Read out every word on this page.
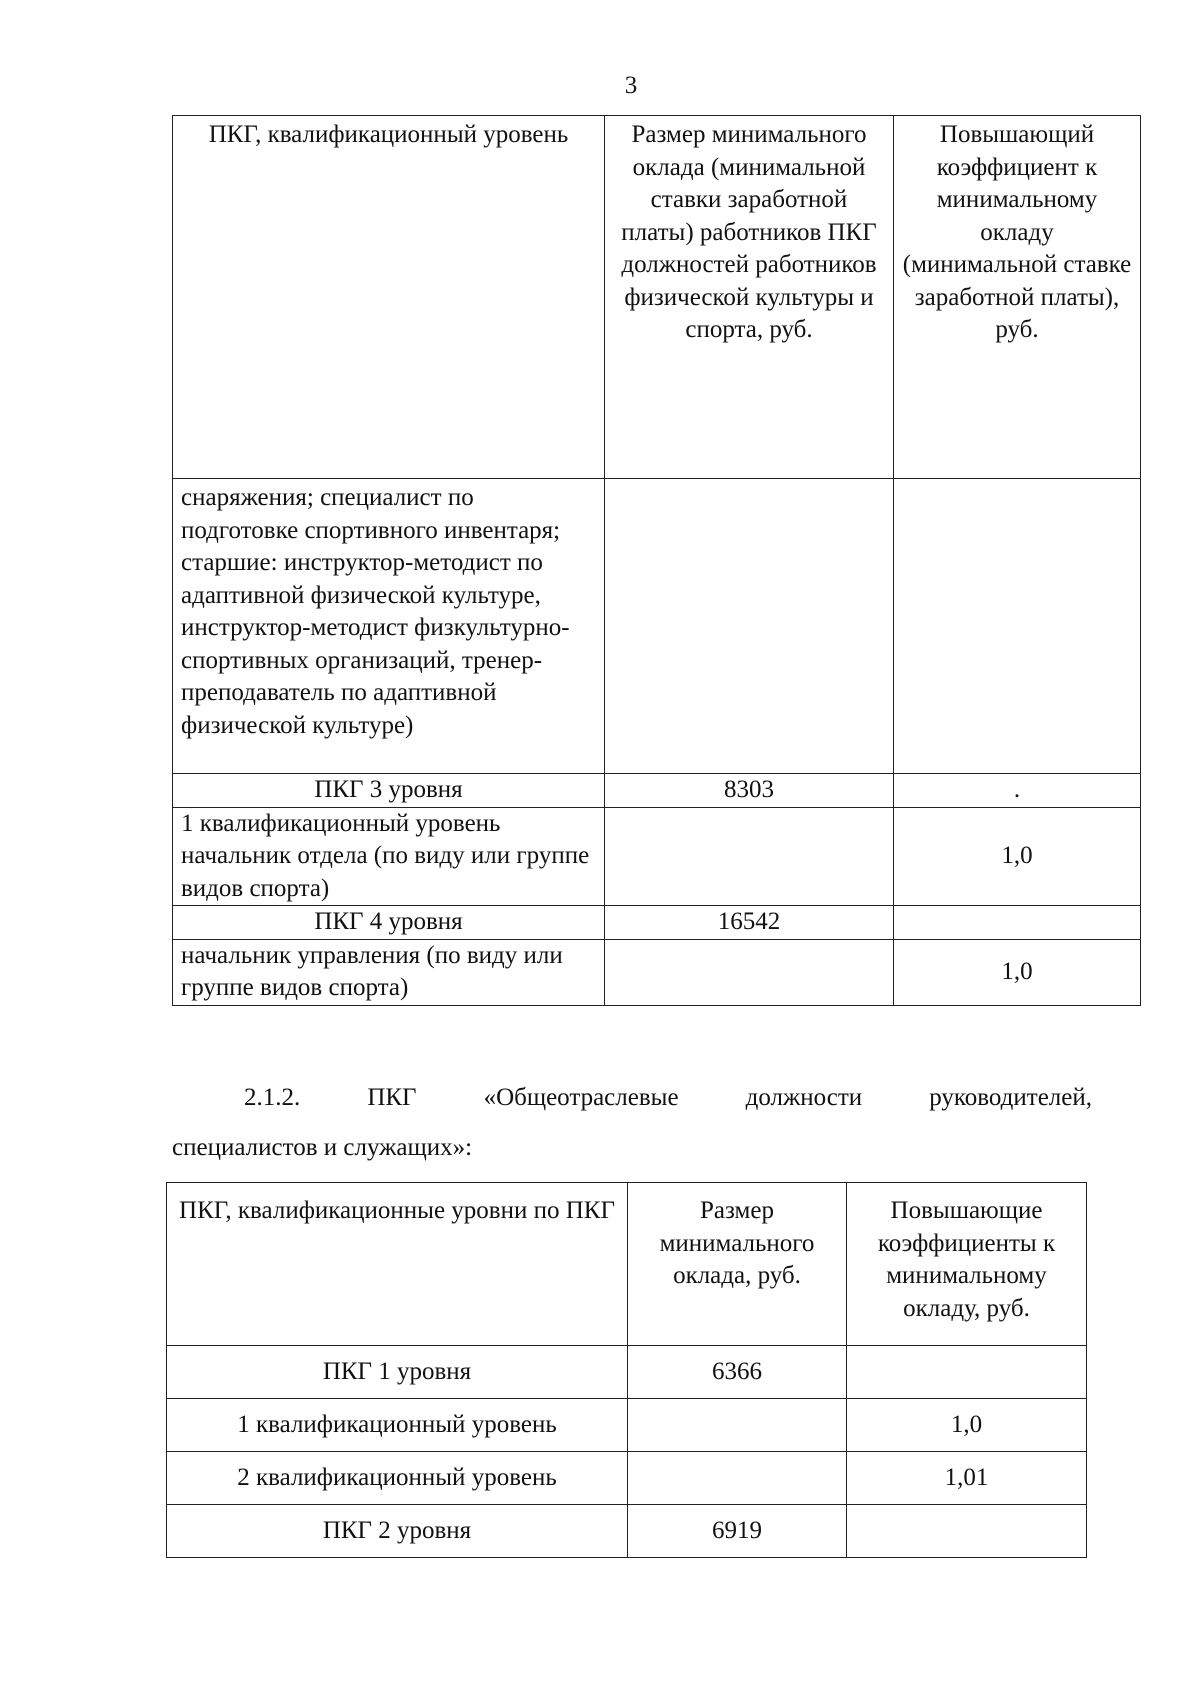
3
ПКГ, квалификационный уровень	Размер минимального оклада (минимальной ставки заработной платы) работников ПКГ должностей работников физической культуры и спорта, руб.	Повышающий коэффициент к минимальному окладу (минимальной ставке заработной платы), руб.
снаряжения; специалист по подготовке спортивного инвентаря; старшие: инструктор-методист по адаптивной физической культуре, инструктор-методист физкультурно-спортивных организаций, тренер-преподаватель по адаптивной физической культуре)		
ПКГ 3 уровня	8303	.
1 квалификационный уровень начальник отдела (по виду или группе видов спорта)		1,0
ПКГ 4 уровня	16542	
начальник управления (по виду или группе видов спорта)		1,0
2.1.2.	ПКГ	«Общеотраслевые	должности	руководителей,
специалистов и служащих»:
ПКГ, квалификационные уровни по ПКГ	Размер минимального оклада, руб.	Повышающие коэффициенты к минимальному окладу, руб.
ПКГ 1 уровня	6366	
1 квалификационный уровень		1,0
2 квалификационный уровень		1,01
ПКГ 2 уровня	6919	
